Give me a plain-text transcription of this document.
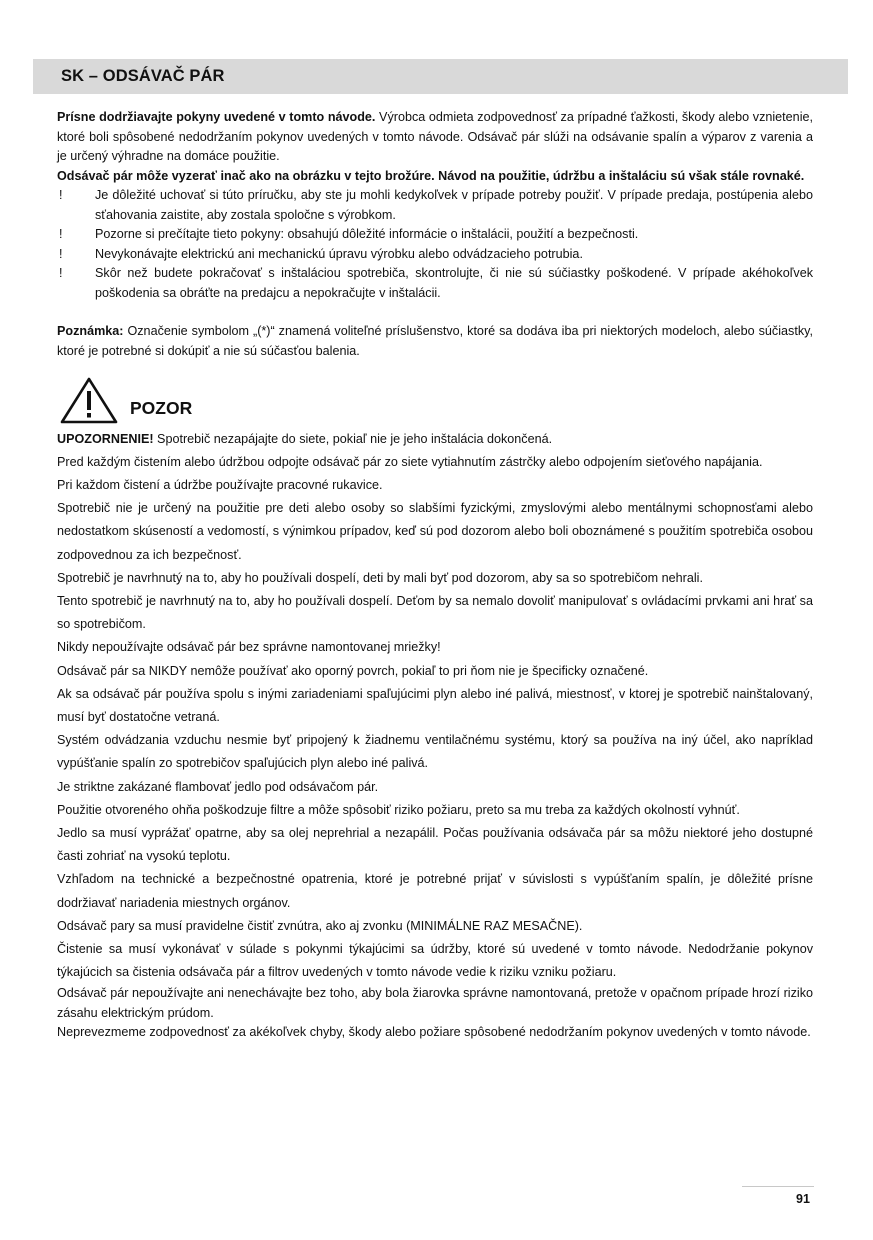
SK – ODSÁVAČ PÁR

Prísne dodržiavajte pokyny uvedené v tomto návode. Výrobca odmieta zodpovednosť za prípadné ťažkosti, škody alebo vznietenie, ktoré boli spôsobené nedodržaním pokynov uvedených v tomto návode. Odsávač pár slúži na odsávanie spalín a výparov z varenia a je určený výhradne na domáce použitie.

Odsávač pár môže vyzerať inač ako na obrázku v tejto brožúre. Návod na použitie, údržbu a inštaláciu sú však stále rovnaké.

!	Je dôležité uchovať si túto príručku, aby ste ju mohli kedykoľvek v prípade potreby použiť. V prípade predaja, postúpenia alebo sťahovania zaistite, aby zostala spoločne s výrobkom.
!	Pozorne si prečítajte tieto pokyny: obsahujú dôležité informácie o inštalácii, použití a bezpečnosti.
!	Nevykonávajte elektrickú ani mechanickú úpravu výrobku alebo odvádzacieho potrubia.
!	Skôr než budete pokračovať s inštaláciou spotrebiča, skontrolujte, či nie sú súčiastky poškodené. V prípade akéhokoľvek poškodenia sa obráťte na predajcu a nepokračujte v inštalácii.

Poznámka: Označenie symbolom „(*)“ znamená voliteľné príslušenstvo, ktoré sa dodáva iba pri niektorých modeloch, alebo súčiastky, ktoré je potrebné si dokúpiť a nie sú súčasťou balenia.

POZOR

UPOZORNENIE! Spotrebič nezapájajte do siete, pokiaľ nie je jeho inštalácia dokončená.

Pred každým čistením alebo údržbou odpojte odsávač pár zo siete vytiahnutím zástrčky alebo odpojením sieťového napájania.

Pri každom čistení a údržbe používajte pracovné rukavice.

Spotrebič nie je určený na použitie pre deti alebo osoby so slabšími fyzickými, zmyslovými alebo mentálnymi schopnosťami alebo nedostatkom skúseností a vedomostí, s výnimkou prípadov, keď sú pod dozorom alebo boli oboznámené s použitím spotrebiča osobou zodpovednou za ich bezpečnosť.

Spotrebič je navrhnutý na to, aby ho používali dospelí, deti by mali byť pod dozorom, aby sa so spotrebičom nehrali.

Tento spotrebič je navrhnutý na to, aby ho používali dospelí. Deťom by sa nemalo dovoliť manipulovať s ovládacími prvkami ani hrať sa so spotrebičom.

Nikdy nepoužívajte odsávač pár bez správne namontovanej mriežky!

Odsávač pár sa NIKDY nemôže používať ako oporný povrch, pokiaľ to pri ňom nie je špecificky označené.

Ak sa odsávač pár používa spolu s inými zariadeniami spaľujúcimi plyn alebo iné palivá, miestnosť, v ktorej je spotrebič nainštalovaný, musí byť dostatočne vetraná.

Systém odvádzania vzduchu nesmie byť pripojený k žiadnemu ventilačnému systému, ktorý sa používa na iný účel, ako napríklad vypúšťanie spalín zo spotrebičov spaľujúcich plyn alebo iné palivá.

Je striktne zakázané flambovať jedlo pod odsávačom pár.

Použitie otvoreného ohňa poškodzuje filtre a môže spôsobiť riziko požiaru, preto sa mu treba za každých okolností vyhnúť.

Jedlo sa musí vyprážať opatrne, aby sa olej neprehrial a nezapálil. Počas používania odsávača pár sa môžu niektoré jeho dostupné časti zohriať na vysokú teplotu.

Vzhľadom na technické a bezpečnostné opatrenia, ktoré je potrebné prijať v súvislosti s vypúšťaním spalín, je dôležité prísne dodržiavať nariadenia miestnych orgánov.

Odsávač pary sa musí pravidelne čistiť zvnútra, ako aj zvonku (MINIMÁLNE RAZ MESAČNE).

Čistenie sa musí vykonávať v súlade s pokynmi týkajúcimi sa údržby, ktoré sú uvedené v tomto návode. Nedodržanie pokynov týkajúcich sa čistenia odsávača pár a filtrov uvedených v tomto návode vedie k riziku vzniku požiaru.

Odsávač pár nepoužívajte ani nenechávajte bez toho, aby bola žiarovka správne namontovaná, pretože v opačnom prípade hrozí riziko zásahu elektrickým prúdom.

Neprevezmeme zodpovednosť za akékoľvek chyby, škody alebo požiare spôsobené nedodržaním pokynov uvedených v tomto návode.

91
